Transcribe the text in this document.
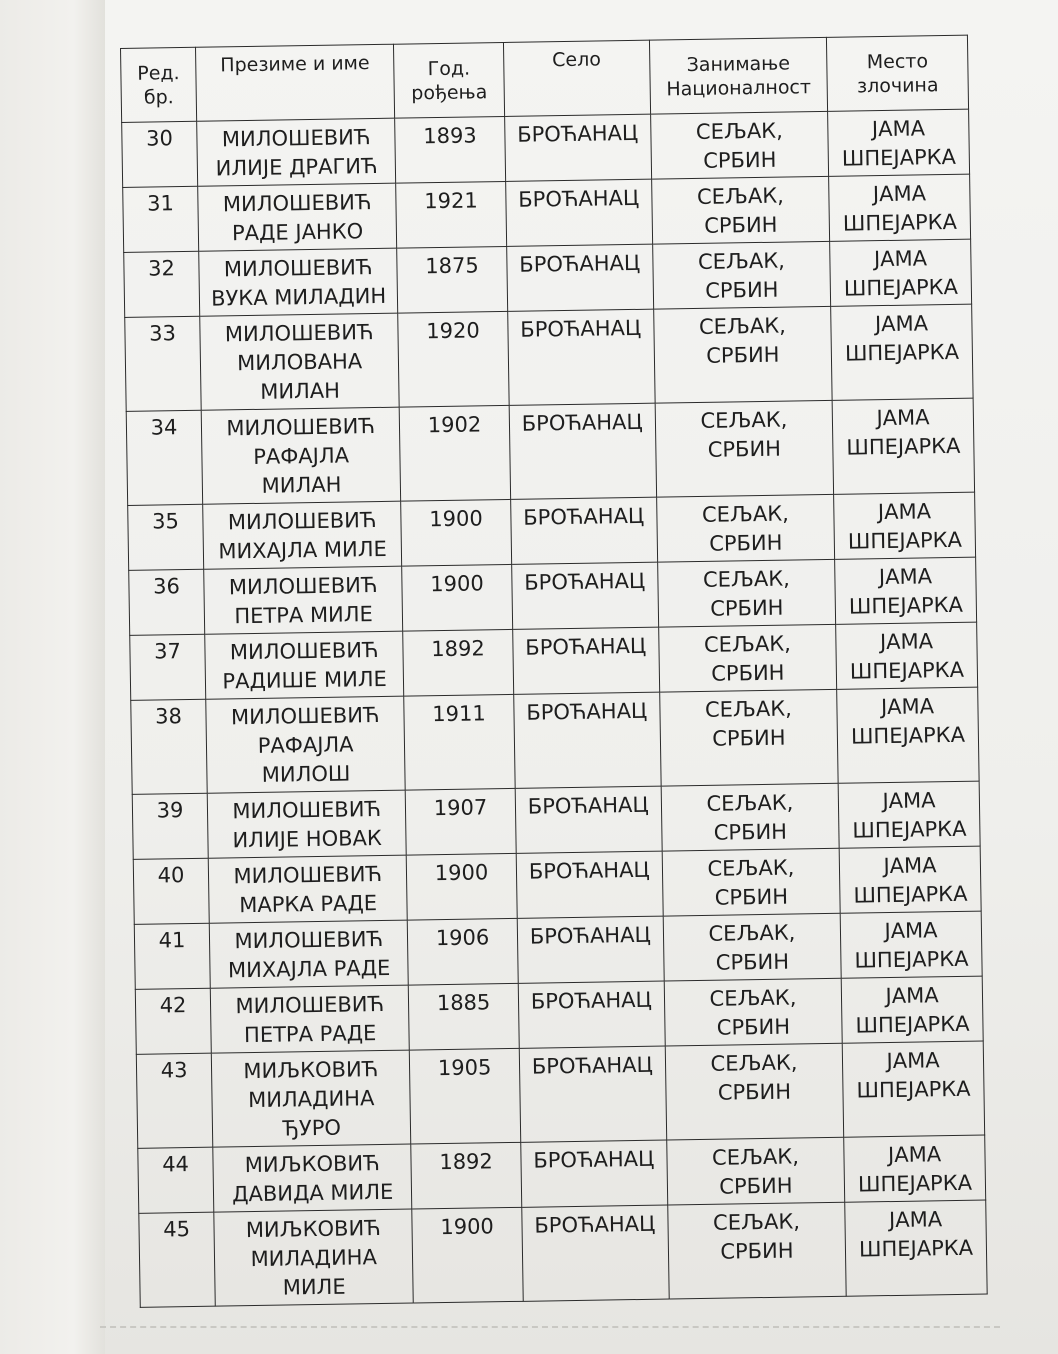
Ред.
бр.	Презиме и име	Год.
рођења	Село	Занимање
Националност	Место
злочина

30	МИЛОШЕВИЋ
ИЛИЈЕ ДРАГИЋ	1893	БРОЋАНАЦ	СЕЉАК,
СРБИН	ЈАМА
ШПЕЈАРКА

31	МИЛОШЕВИЋ
РАДЕ ЈАНКО	1921	БРОЋАНАЦ	СЕЉАК,
СРБИН	ЈАМА
ШПЕЈАРКА

32	МИЛОШЕВИЋ
ВУКА МИЛАДИН	1875	БРОЋАНАЦ	СЕЉАК,
СРБИН	ЈАМА
ШПЕЈАРКА

33	МИЛОШЕВИЋ
МИЛОВАНА
МИЛАН	1920	БРОЋАНАЦ	СЕЉАК,
СРБИН	ЈАМА
ШПЕЈАРКА

34	МИЛОШЕВИЋ
РАФАЈЛА
МИЛАН	1902	БРОЋАНАЦ	СЕЉАК,
СРБИН	ЈАМА
ШПЕЈАРКА

35	МИЛОШЕВИЋ
МИХАЈЛА МИЛЕ	1900	БРОЋАНАЦ	СЕЉАК,
СРБИН	ЈАМА
ШПЕЈАРКА

36	МИЛОШЕВИЋ
ПЕТРА МИЛЕ	1900	БРОЋАНАЦ	СЕЉАК,
СРБИН	ЈАМА
ШПЕЈАРКА

37	МИЛОШЕВИЋ
РАДИШЕ МИЛЕ	1892	БРОЋАНАЦ	СЕЉАК,
СРБИН	ЈАМА
ШПЕЈАРКА

38	МИЛОШЕВИЋ
РАФАЈЛА
МИЛОШ	1911	БРОЋАНАЦ	СЕЉАК,
СРБИН	ЈАМА
ШПЕЈАРКА

39	МИЛОШЕВИЋ
ИЛИЈЕ НОВАК	1907	БРОЋАНАЦ	СЕЉАК,
СРБИН	ЈАМА
ШПЕЈАРКА

40	МИЛОШЕВИЋ
МАРКА РАДЕ	1900	БРОЋАНАЦ	СЕЉАК,
СРБИН	ЈАМА
ШПЕЈАРКА

41	МИЛОШЕВИЋ
МИХАЈЛА РАДЕ	1906	БРОЋАНАЦ	СЕЉАК,
СРБИН	ЈАМА
ШПЕЈАРКА

42	МИЛОШЕВИЋ
ПЕТРА РАДЕ	1885	БРОЋАНАЦ	СЕЉАК,
СРБИН	ЈАМА
ШПЕЈАРКА

43	МИЉКОВИЋ
МИЛАДИНА
ЂУРО	1905	БРОЋАНАЦ	СЕЉАК,
СРБИН	ЈАМА
ШПЕЈАРКА

44	МИЉКОВИЋ
ДАВИДА МИЛЕ	1892	БРОЋАНАЦ	СЕЉАК,
СРБИН	ЈАМА
ШПЕЈАРКА

45	МИЉКОВИЋ
МИЛАДИНА
МИЛЕ	1900	БРОЋАНАЦ	СЕЉАК,
СРБИН	ЈАМА
ШПЕЈАРКА
